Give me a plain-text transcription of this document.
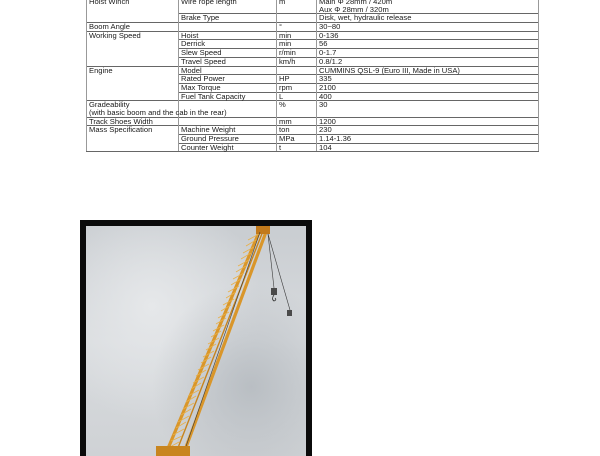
Hoist Winch	Wire rope length	m	Main Φ 28mm / 420m
			Aux Φ 28mm / 320m
	Brake Type		Disk, wet, hydraulic release
Boom Angle		°	30~80
Working Speed	Hoist	min	0-136
	Derrick	min	56
	Slew Speed	r/min	0-1.7
	Travel Speed	km/h	0.8/1.2
Engine	Model		CUMMINS QSL-9 (Euro III, Made in USA)
	Rated Power	HP	335
	Max Torque	rpm	2100
	Fuel Tank Capacity	L	400
Gradeability		%	30
(with basic boom and the cab in the rear)			
Track Shoes Width		mm	1200
Mass Specification	Machine Weight	ton	230
	Ground Pressure	MPa	1.14-1.36
	Counter Weight	t	104
